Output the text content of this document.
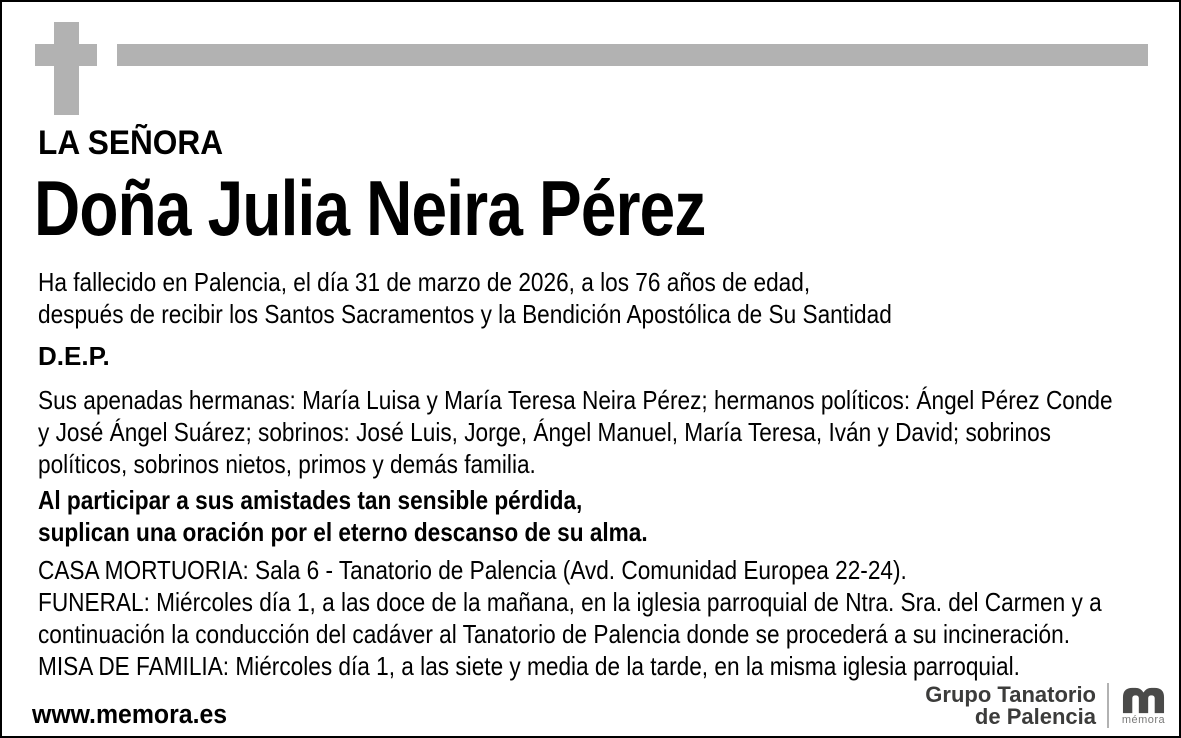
LA SEÑORA
Doña Julia Neira Pérez
Ha fallecido en Palencia, el día 31 de marzo de 2026, a los 76 años de edad,
después de recibir los Santos Sacramentos y la Bendición Apostólica de Su Santidad
D.E.P.
Sus apenadas hermanas: María Luisa y María Teresa Neira Pérez; hermanos políticos: Ángel Pérez Conde
y José Ángel Suárez; sobrinos: José Luis, Jorge, Ángel Manuel, María Teresa, Iván y David; sobrinos
políticos, sobrinos nietos, primos y demás familia.
Al participar a sus amistades tan sensible pérdida,
suplican una oración por el eterno descanso de su alma.
CASA MORTUORIA: Sala 6 - Tanatorio de Palencia (Avd. Comunidad Europea 22-24).
FUNERAL: Miércoles día 1, a las doce de la mañana, en la iglesia parroquial de Ntra. Sra. del Carmen y a
continuación la conducción del cadáver al Tanatorio de Palencia donde se procederá a su incineración.
MISA DE FAMILIA: Miércoles día 1, a las siete y media de la tarde, en la misma iglesia parroquial.
www.memora.es
Grupo Tanatorio
de Palencia mémora
